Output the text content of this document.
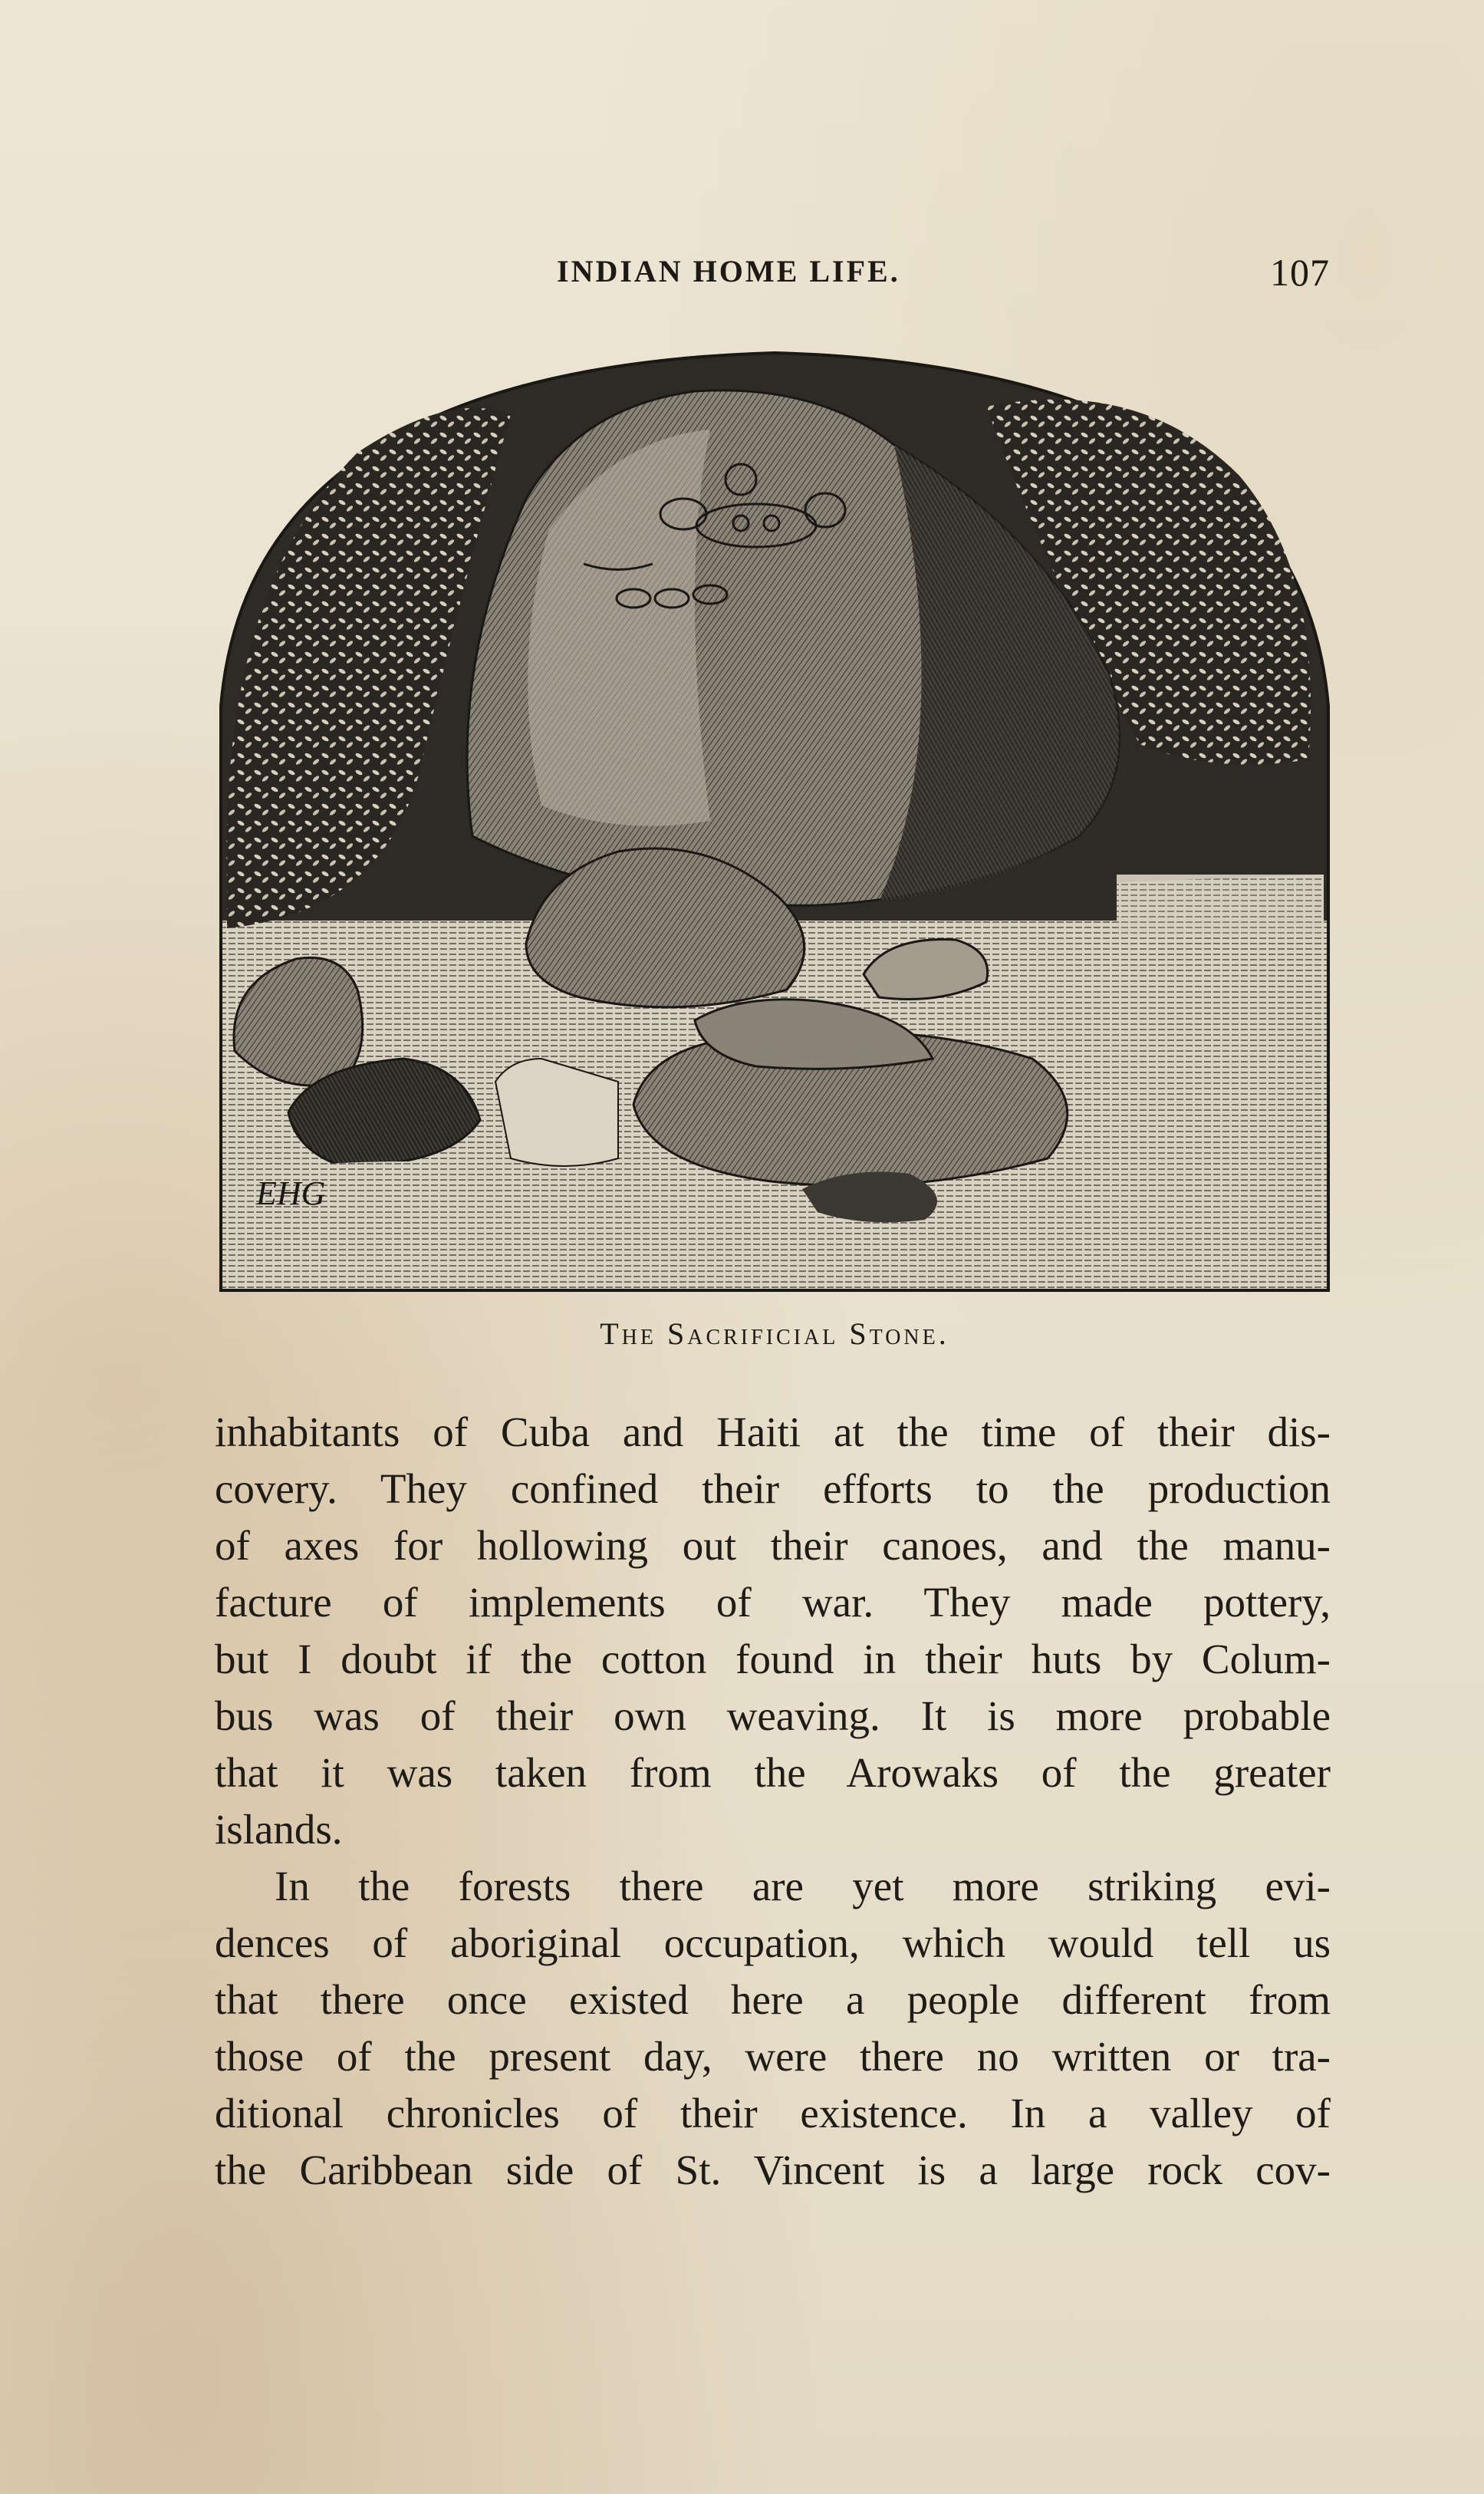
INDIAN HOME LIFE.	107
EHG
The Sacrificial Stone.
inhabitants of Cuba and Haiti at the time of their dis-
covery. They confined their efforts to the production
of axes for hollowing out their canoes, and the manu-
facture of implements of war. They made pottery,
but I doubt if the cotton found in their huts by Colum-
bus was of their own weaving. It is more probable
that it was taken from the Arowaks of the greater
islands.
In the forests there are yet more striking evi-
dences of aboriginal occupation, which would tell us
that there once existed here a people different from
those of the present day, were there no written or tra-
ditional chronicles of their existence. In a valley of
the Caribbean side of St. Vincent is a large rock cov-
